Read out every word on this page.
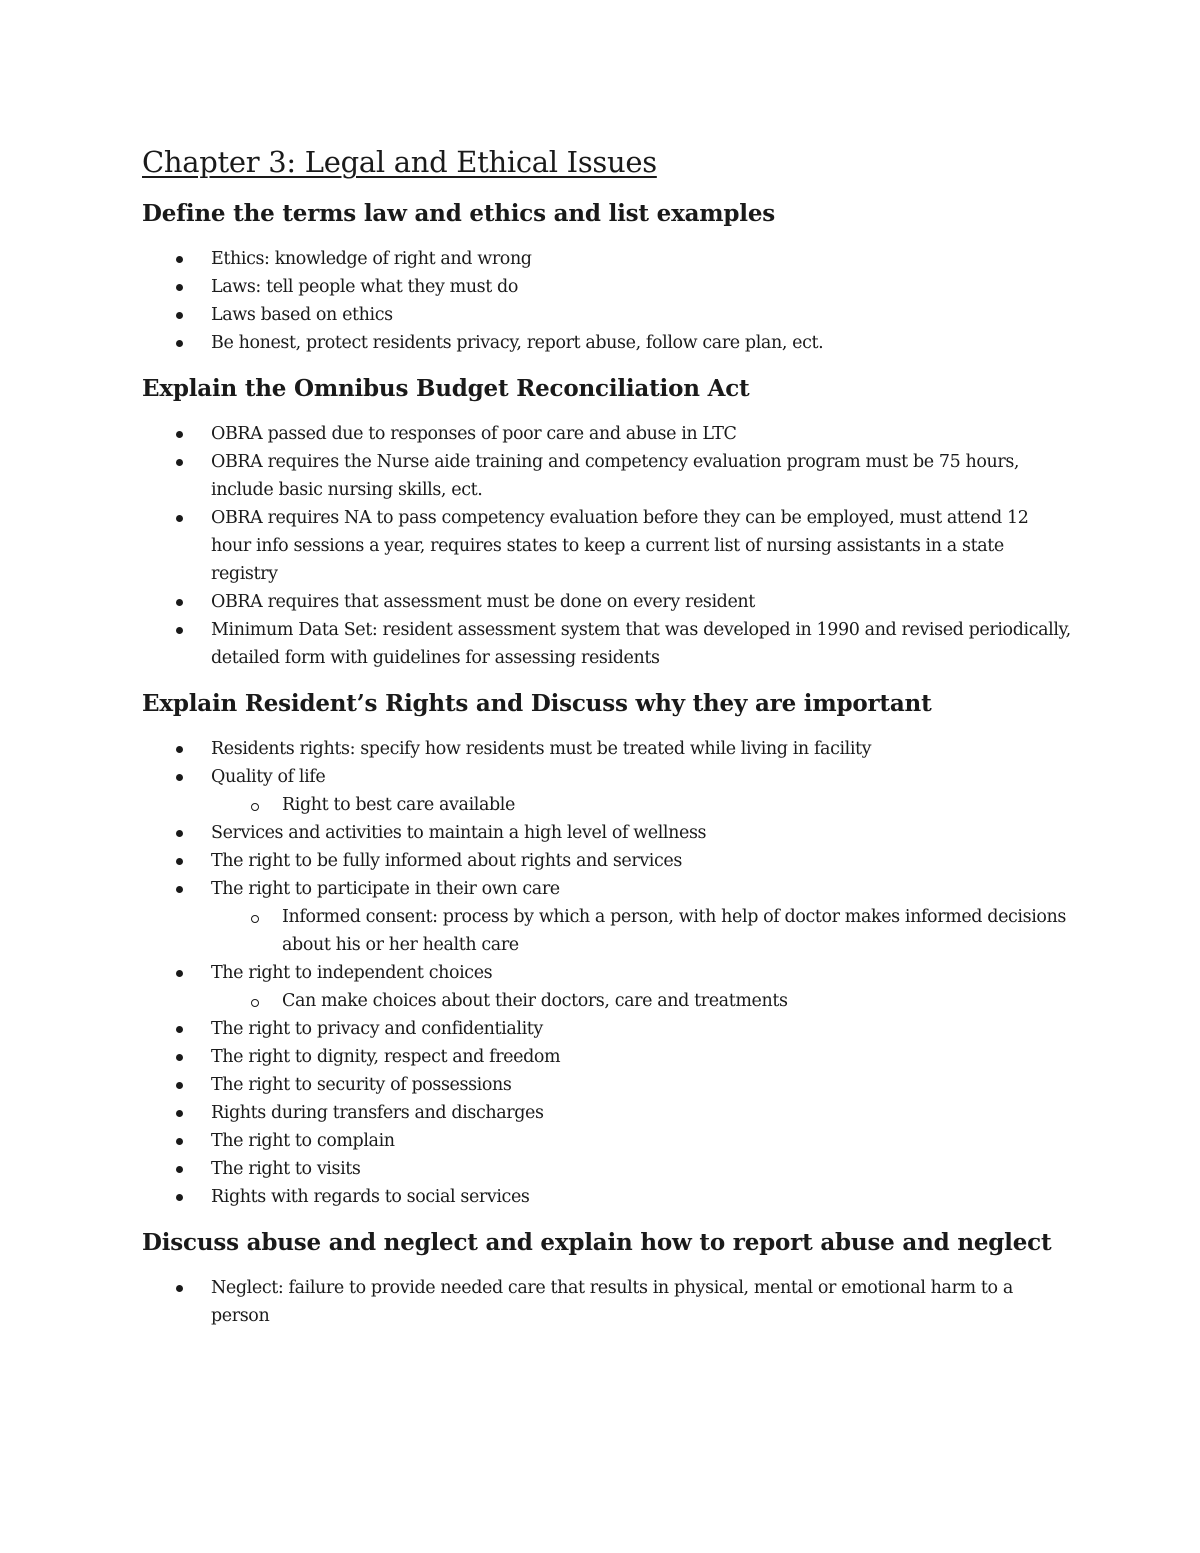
Chapter 3: Legal and Ethical Issues
Define the terms law and ethics and list examples
Ethics: knowledge of right and wrong
Laws: tell people what they must do
Laws based on ethics
Be honest, protect residents privacy, report abuse, follow care plan, ect.
Explain the Omnibus Budget Reconciliation Act
OBRA passed due to responses of poor care and abuse in LTC
OBRA requires the Nurse aide training and competency evaluation program must be 75 hours, include basic nursing skills, ect.
OBRA requires NA to pass competency evaluation before they can be employed, must attend 12 hour info sessions a year, requires states to keep a current list of nursing assistants in a state registry
OBRA requires that assessment must be done on every resident
Minimum Data Set: resident assessment system that was developed in 1990 and revised periodically, detailed form with guidelines for assessing residents
Explain Resident’s Rights and Discuss why they are important
Residents rights: specify how residents must be treated while living in facility
Quality of life
Right to best care available
Services and activities to maintain a high level of wellness
The right to be fully informed about rights and services
The right to participate in their own care
Informed consent: process by which a person, with help of doctor makes informed decisions about his or her health care
The right to independent choices
Can make choices about their doctors, care and treatments
The right to privacy and confidentiality
The right to dignity, respect and freedom
The right to security of possessions
Rights during transfers and discharges
The right to complain
The right to visits
Rights with regards to social services
Discuss abuse and neglect and explain how to report abuse and neglect
Neglect: failure to provide needed care that results in physical, mental or emotional harm to a person
